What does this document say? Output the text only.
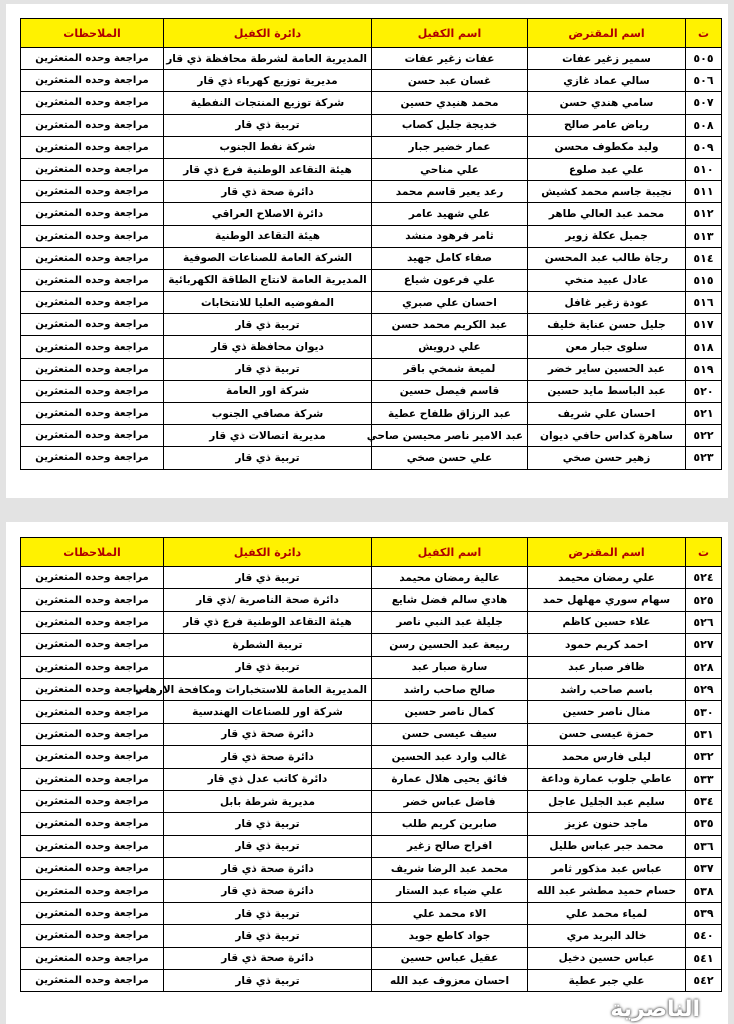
ت	اسم المقترض	اسم الكفيل	دائرة الكفيل	الملاحظات
٥٠٥	سمير زغير عفات	عفات زغير عفات	المديرية العامة لشرطة محافظة ذي قار	مراجعة وحده المتعثرين
٥٠٦	سالي عماد غازي	غسان عبد حسن	مديرية توزيع كهرباء ذي قار	مراجعة وحده المتعثرين
٥٠٧	سامي هندي حسن	محمد هنيدي حسين	شركة توزيع المنتجات النفطية	مراجعة وحده المتعثرين
٥٠٨	رياض عامر صالح	خديجة جليل كصاب	تربية ذي قار	مراجعة وحده المتعثرين
٥٠٩	وليد مكطوف محسن	عمار خضير جبار	شركة نفط الجنوب	مراجعة وحده المتعثرين
٥١٠	علي عبد صلوع	علي مناحي	هيئة التقاعد الوطنية فرع ذي قار	مراجعة وحده المتعثرين
٥١١	نجيبة جاسم محمد كشيش	رعد يعير قاسم محمد	دائرة صحة ذي قار	مراجعة وحده المتعثرين
٥١٢	محمد عبد العالي طاهر	علي شهيد عامر	دائرة الاصلاح العراقي	مراجعة وحده المتعثرين
٥١٣	جميل عكلة زوير	ثامر فرهود منشد	هيئة التقاعد الوطنية	مراجعة وحده المتعثرين
٥١٤	رجاة طالب عبد المحسن	صفاء كامل جهيد	الشركة العامة للصناعات الصوفية	مراجعة وحده المتعثرين
٥١٥	عادل عبيد منخي	علي فرعون شياع	المديرية العامة لانتاج الطاقة الكهربائية	مراجعة وحده المتعثرين
٥١٦	عودة زغير غافل	احسان علي صبري	المفوضيه العليا للانتخابات	مراجعة وحده المتعثرين
٥١٧	جليل حسن عناية خليف	عبد الكريم محمد حسن	تربية ذي قار	مراجعة وحده المتعثرين
٥١٨	سلوى جبار معن	علي درويش	ديوان محافظة ذي قار	مراجعة وحده المتعثرين
٥١٩	عبد الحسين ساير خضر	لميعة شمخي باقر	تربية ذي قار	مراجعة وحده المتعثرين
٥٢٠	عبد الباسط مايد حسين	قاسم فيصل حسين	شركة اور العامة	مراجعة وحده المتعثرين
٥٢١	احسان علي شريف	عبد الرزاق طلفاح عطية	شركة مصافي الجنوب	مراجعة وحده المتعثرين
٥٢٢	ساهرة كداس حافي ديوان	عبد الامير ناصر محيسن صاحي	مديرية اتصالات ذي قار	مراجعة وحده المتعثرين
٥٢٣	زهير حسن صخي	علي حسن صخي	تربية ذي قار	مراجعة وحده المتعثرين
ت	اسم المقترض	اسم الكفيل	دائرة الكفيل	الملاحظات
٥٢٤	علي رمضان محيمد	عالية رمضان محيمد	تربية ذي قار	مراجعة وحده المتعثرين
٥٢٥	سهام سوري مهلهل حمد	هادي سالم فضل شايع	دائرة صحة الناصرية /ذي قار	مراجعة وحده المتعثرين
٥٢٦	علاء حسين كاظم	جليلة عبد النبي ناصر	هيئة التقاعد الوطنية فرع ذي قار	مراجعة وحده المتعثرين
٥٢٧	احمد كريم حمود	ربيعة عبد الحسين رسن	تربية الشطرة	مراجعة وحده المتعثرين
٥٢٨	ظافر صبار عبد	سارة صبار عبد	تربية ذي قار	مراجعة وحده المتعثرين
٥٢٩	باسم صاحب راشد	صالح صاحب راشد	المديرية العامة للاستخبارات ومكافحة الارهاب	مراجعة وحده المتعثرين
٥٣٠	منال ناصر حسين	كمال ناصر حسين	شركة اور للصناعات الهندسية	مراجعة وحده المتعثرين
٥٣١	حمزة عيسى حسن	سيف عيسى حسن	دائرة صحة ذي قار	مراجعة وحده المتعثرين
٥٣٢	ليلى فارس محمد	غالب وارد عبد الحسين	دائرة صحة ذي قار	مراجعة وحده المتعثرين
٥٣٣	عاطي جلوب عمارة وداعة	فائق يحيى هلال عمارة	دائرة كاتب عدل ذي قار	مراجعة وحده المتعثرين
٥٣٤	سليم عبد الجليل عاجل	فاضل عباس خضر	مديرية شرطة بابل	مراجعة وحده المتعثرين
٥٣٥	ماجد حنون عزيز	صابرين كريم طلب	تربية ذي قار	مراجعة وحده المتعثرين
٥٣٦	محمد جبر عباس طليل	افراح صالح زغير	تربية ذي قار	مراجعة وحده المتعثرين
٥٣٧	عباس عبد مذكور ثامر	محمد عبد الرضا شريف	دائرة صحة ذي قار	مراجعة وحده المتعثرين
٥٣٨	حسام حميد مطشر عبد الله	علي ضياء عبد الستار	دائرة صحة ذي قار	مراجعة وحده المتعثرين
٥٣٩	لمياء محمد علي	الاء محمد علي	تربية ذي قار	مراجعة وحده المتعثرين
٥٤٠	خالد البريد مري	جواد كاطع جويد	تربية ذي قار	مراجعة وحده المتعثرين
٥٤١	عباس حسين دخيل	عقيل عباس حسين	دائرة صحة ذي قار	مراجعة وحده المتعثرين
٥٤٢	علي جبر عطية	احسان معزوف عبد الله	تربية ذي قار	مراجعة وحده المتعثرين
الناصرية
